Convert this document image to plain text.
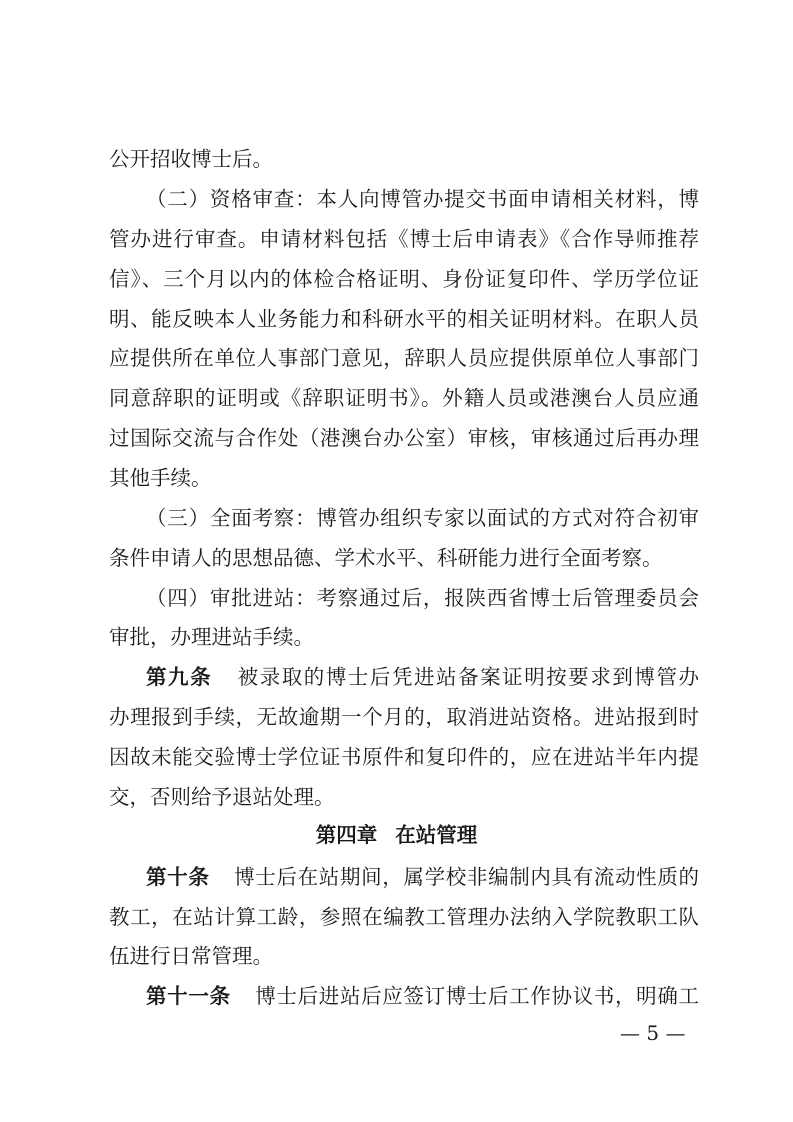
公开招收博士后。
（二）资格审查：本人向博管办提交书面申请相关材料，博
管办进行审查。申请材料包括《博士后申请表》《合作导师推荐
信》、三个月以内的体检合格证明、身份证复印件、学历学位证
明、能反映本人业务能力和科研水平的相关证明材料。在职人员
应提供所在单位人事部门意见，辞职人员应提供原单位人事部门
同意辞职的证明或《辞职证明书》。外籍人员或港澳台人员应通
过国际交流与合作处（港澳台办公室）审核，审核通过后再办理
其他手续。
（三）全面考察：博管办组织专家以面试的方式对符合初审
条件申请人的思想品德、学术水平、科研能力进行全面考察。
（四）审批进站：考察通过后，报陕西省博士后管理委员会
审批，办理进站手续。
第九条 被录取的博士后凭进站备案证明按要求到博管办
办理报到手续，无故逾期一个月的，取消进站资格。进站报到时
因故未能交验博士学位证书原件和复印件的，应在进站半年内提
交，否则给予退站处理。
第四章 在站管理
第十条 博士后在站期间，属学校非编制内具有流动性质的
教工，在站计算工龄，参照在编教工管理办法纳入学院教职工队
伍进行日常管理。
第十一条 博士后进站后应签订博士后工作协议书，明确工
— 5 —
